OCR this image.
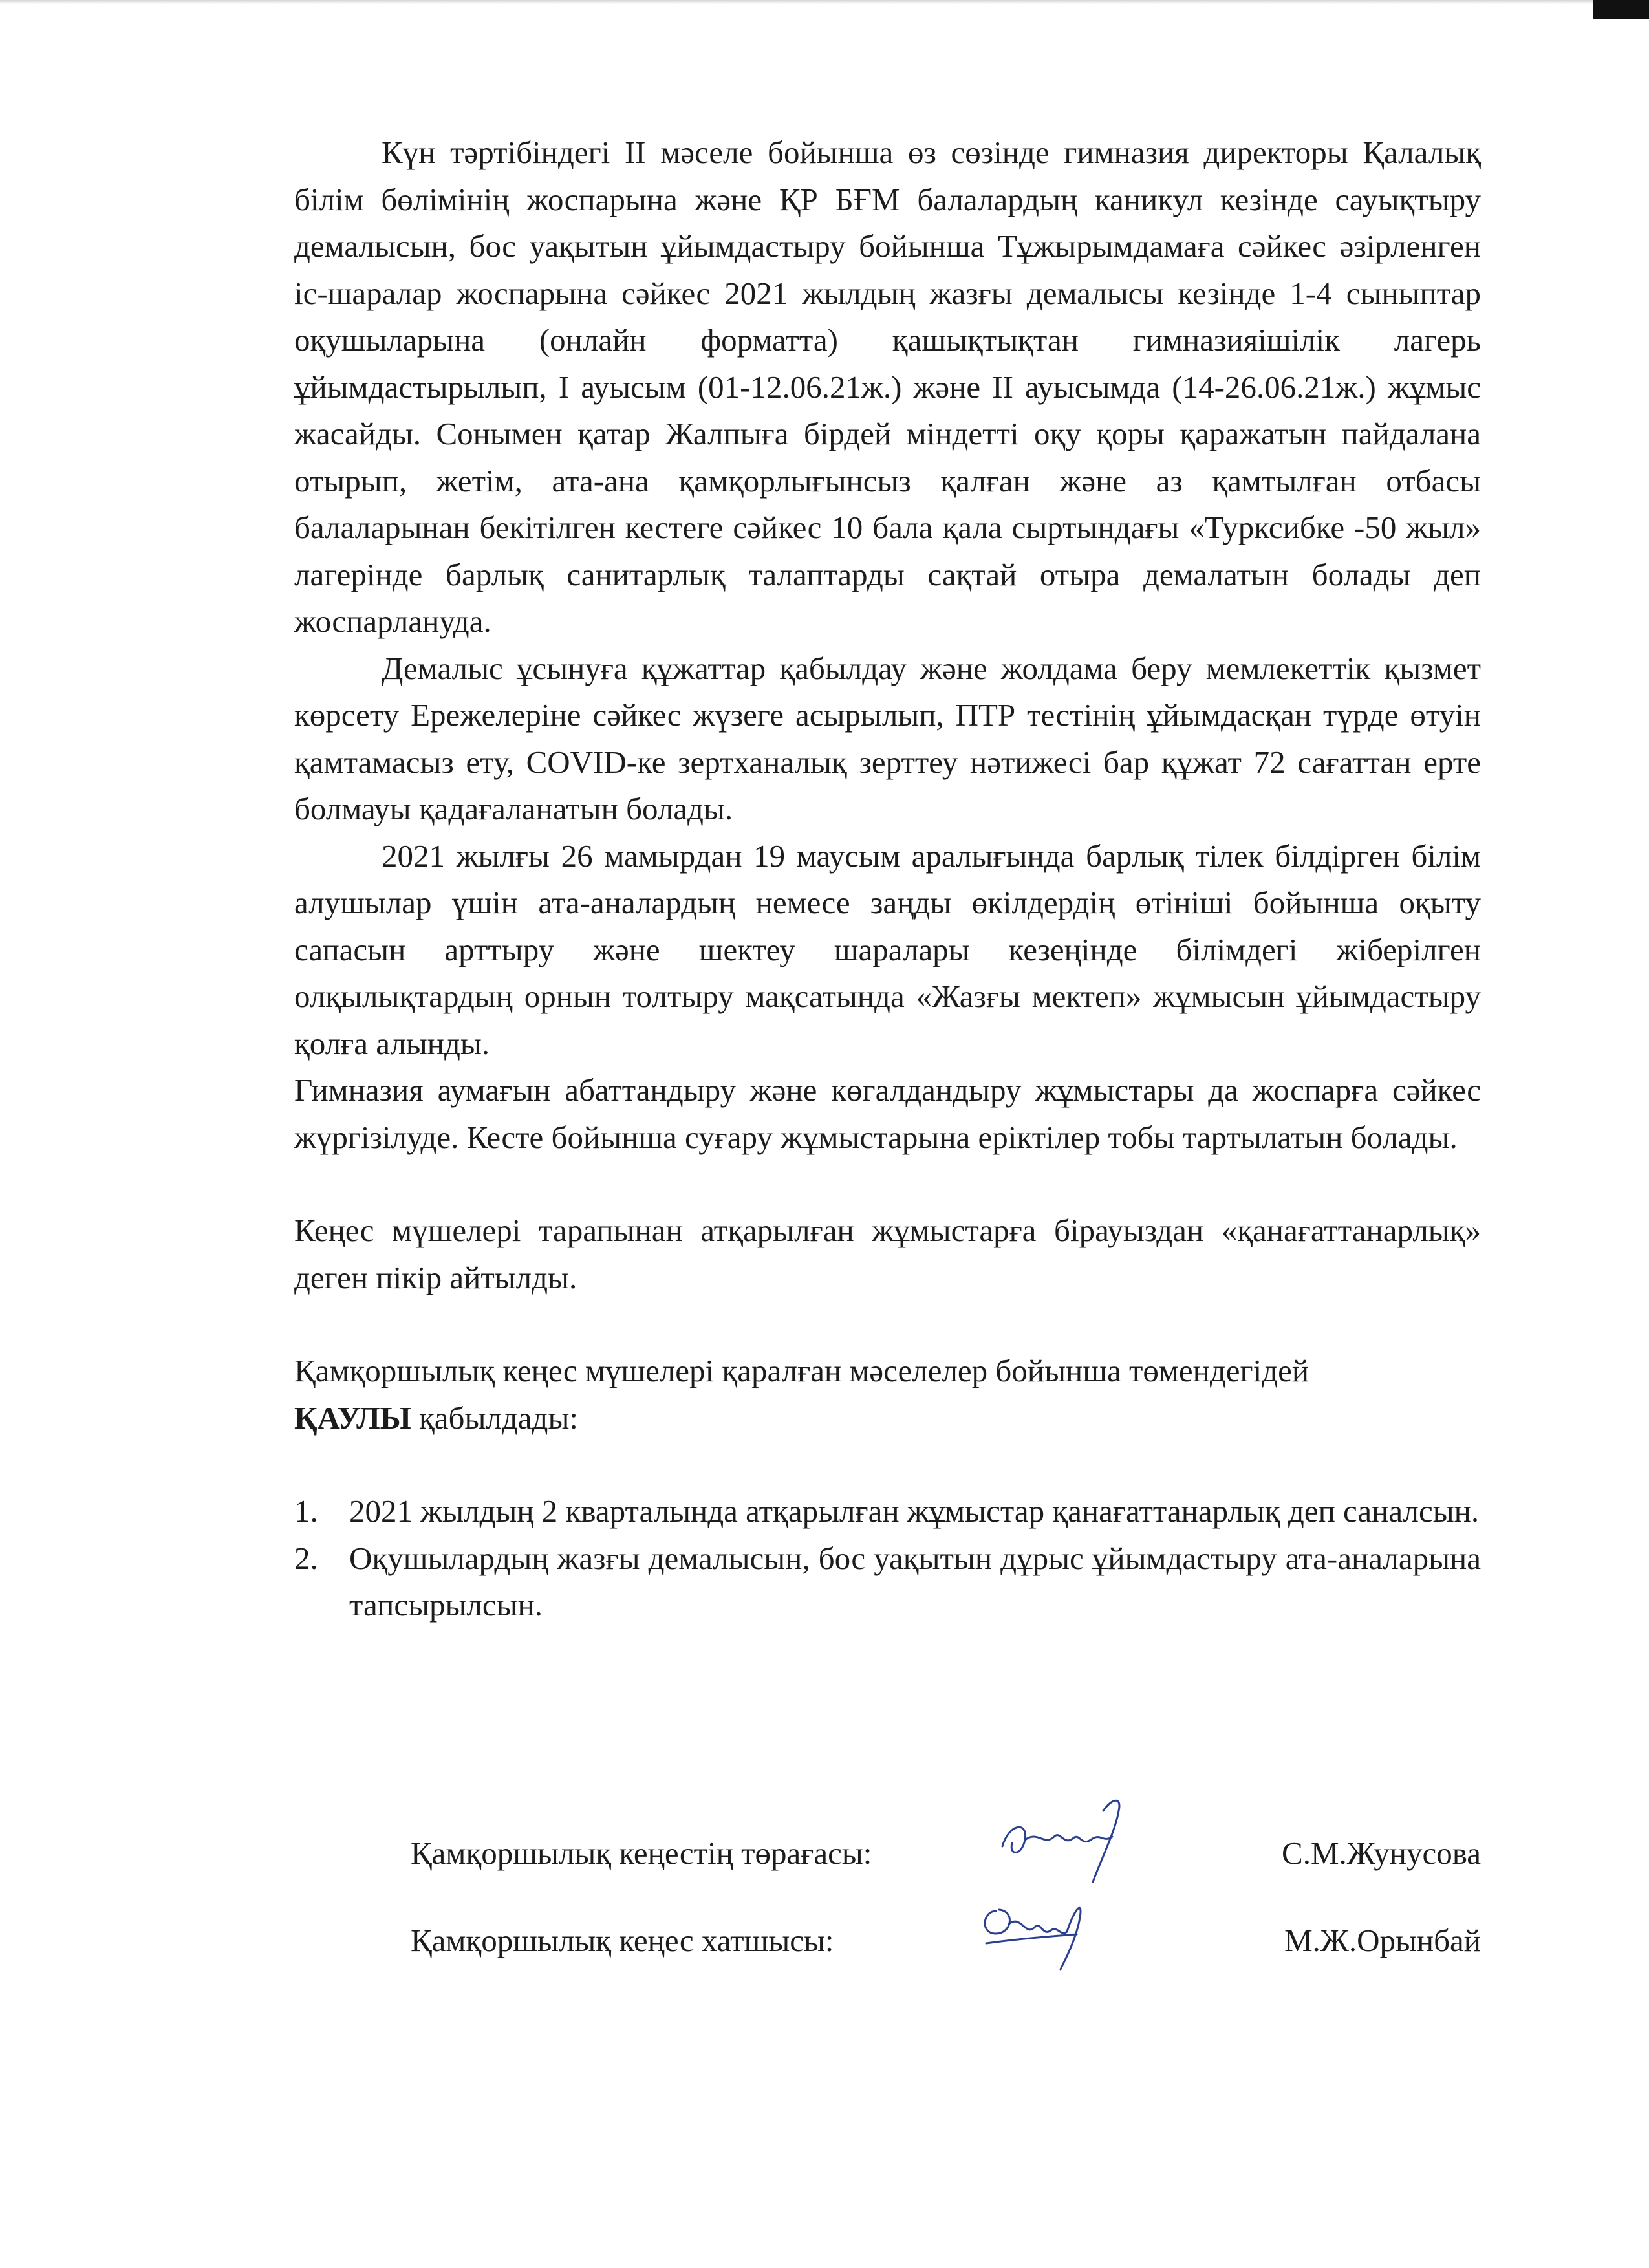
Күн тәртібіндегі ІІ мәселе бойынша өз сөзінде гимназия директоры Қалалық білім бөлімінің жоспарына және ҚР БҒМ балалардың каникул кезінде сауықтыру демалысын, бос уақытын ұйымдастыру бойынша Тұжырымдамаға сәйкес әзірленген іс-шаралар жоспарына сәйкес 2021 жылдың жазғы демалысы кезінде 1-4 сыныптар оқушыларына (онлайн форматта) қашықтықтан гимназияішілік лагерь ұйымдастырылып, І ауысым (01-12.06.21ж.) және ІІ ауысымда (14-26.06.21ж.) жұмыс жасайды. Сонымен қатар Жалпыға бірдей міндетті оқу қоры қаражатын пайдалана отырып, жетім, ата-ана қамқорлығынсыз қалған және аз қамтылған отбасы балаларынан бекітілген кестеге сәйкес 10 бала қала сыртындағы «Турксибке -50 жыл» лагерінде барлық санитарлық талаптарды сақтай отыра демалатын болады деп жоспарлануда.

Демалыс ұсынуға құжаттар қабылдау және жолдама беру мемлекеттік қызмет көрсету Ережелеріне сәйкес жүзеге асырылып, ПТР тестінің ұйымдасқан түрде өтуін қамтамасыз ету, COVID-ке зертханалық зерттеу нәтижесі бар құжат 72 сағаттан ерте болмауы қадағаланатын болады.

2021 жылғы 26 мамырдан 19 маусым аралығында барлық тілек білдірген білім алушылар үшін ата-аналардың немесе заңды өкілдердің өтініші бойынша оқыту сапасын арттыру және шектеу шаралары кезеңінде білімдегі жіберілген олқылықтардың орнын толтыру мақсатында «Жазғы мектеп» жұмысын ұйымдастыру қолға алынды.

Гимназия аумағын абаттандыру және көгалдандыру жұмыстары да жоспарға сәйкес жүргізілуде. Кесте бойынша суғару жұмыстарына еріктілер тобы тартылатын болады.

Кеңес мүшелері тарапынан атқарылған жұмыстарға бірауыздан «қанағаттанарлық» деген пікір айтылды.

Қамқоршылық кеңес мүшелері қаралған мәселелер бойынша төмендегідей
ҚАУЛЫ қабылдады:

1. 2021 жылдың 2 кварталында атқарылған жұмыстар қанағаттанарлық деп саналсын.
2. Оқушылардың жазғы демалысын, бос уақытын дұрыс ұйымдастыру ата-аналарына тапсырылсын.
Қамқоршылық кеңестің төрағасы:	С.М.Жунусова
Қамқоршылық кеңес хатшысы:	М.Ж.Орынбай
